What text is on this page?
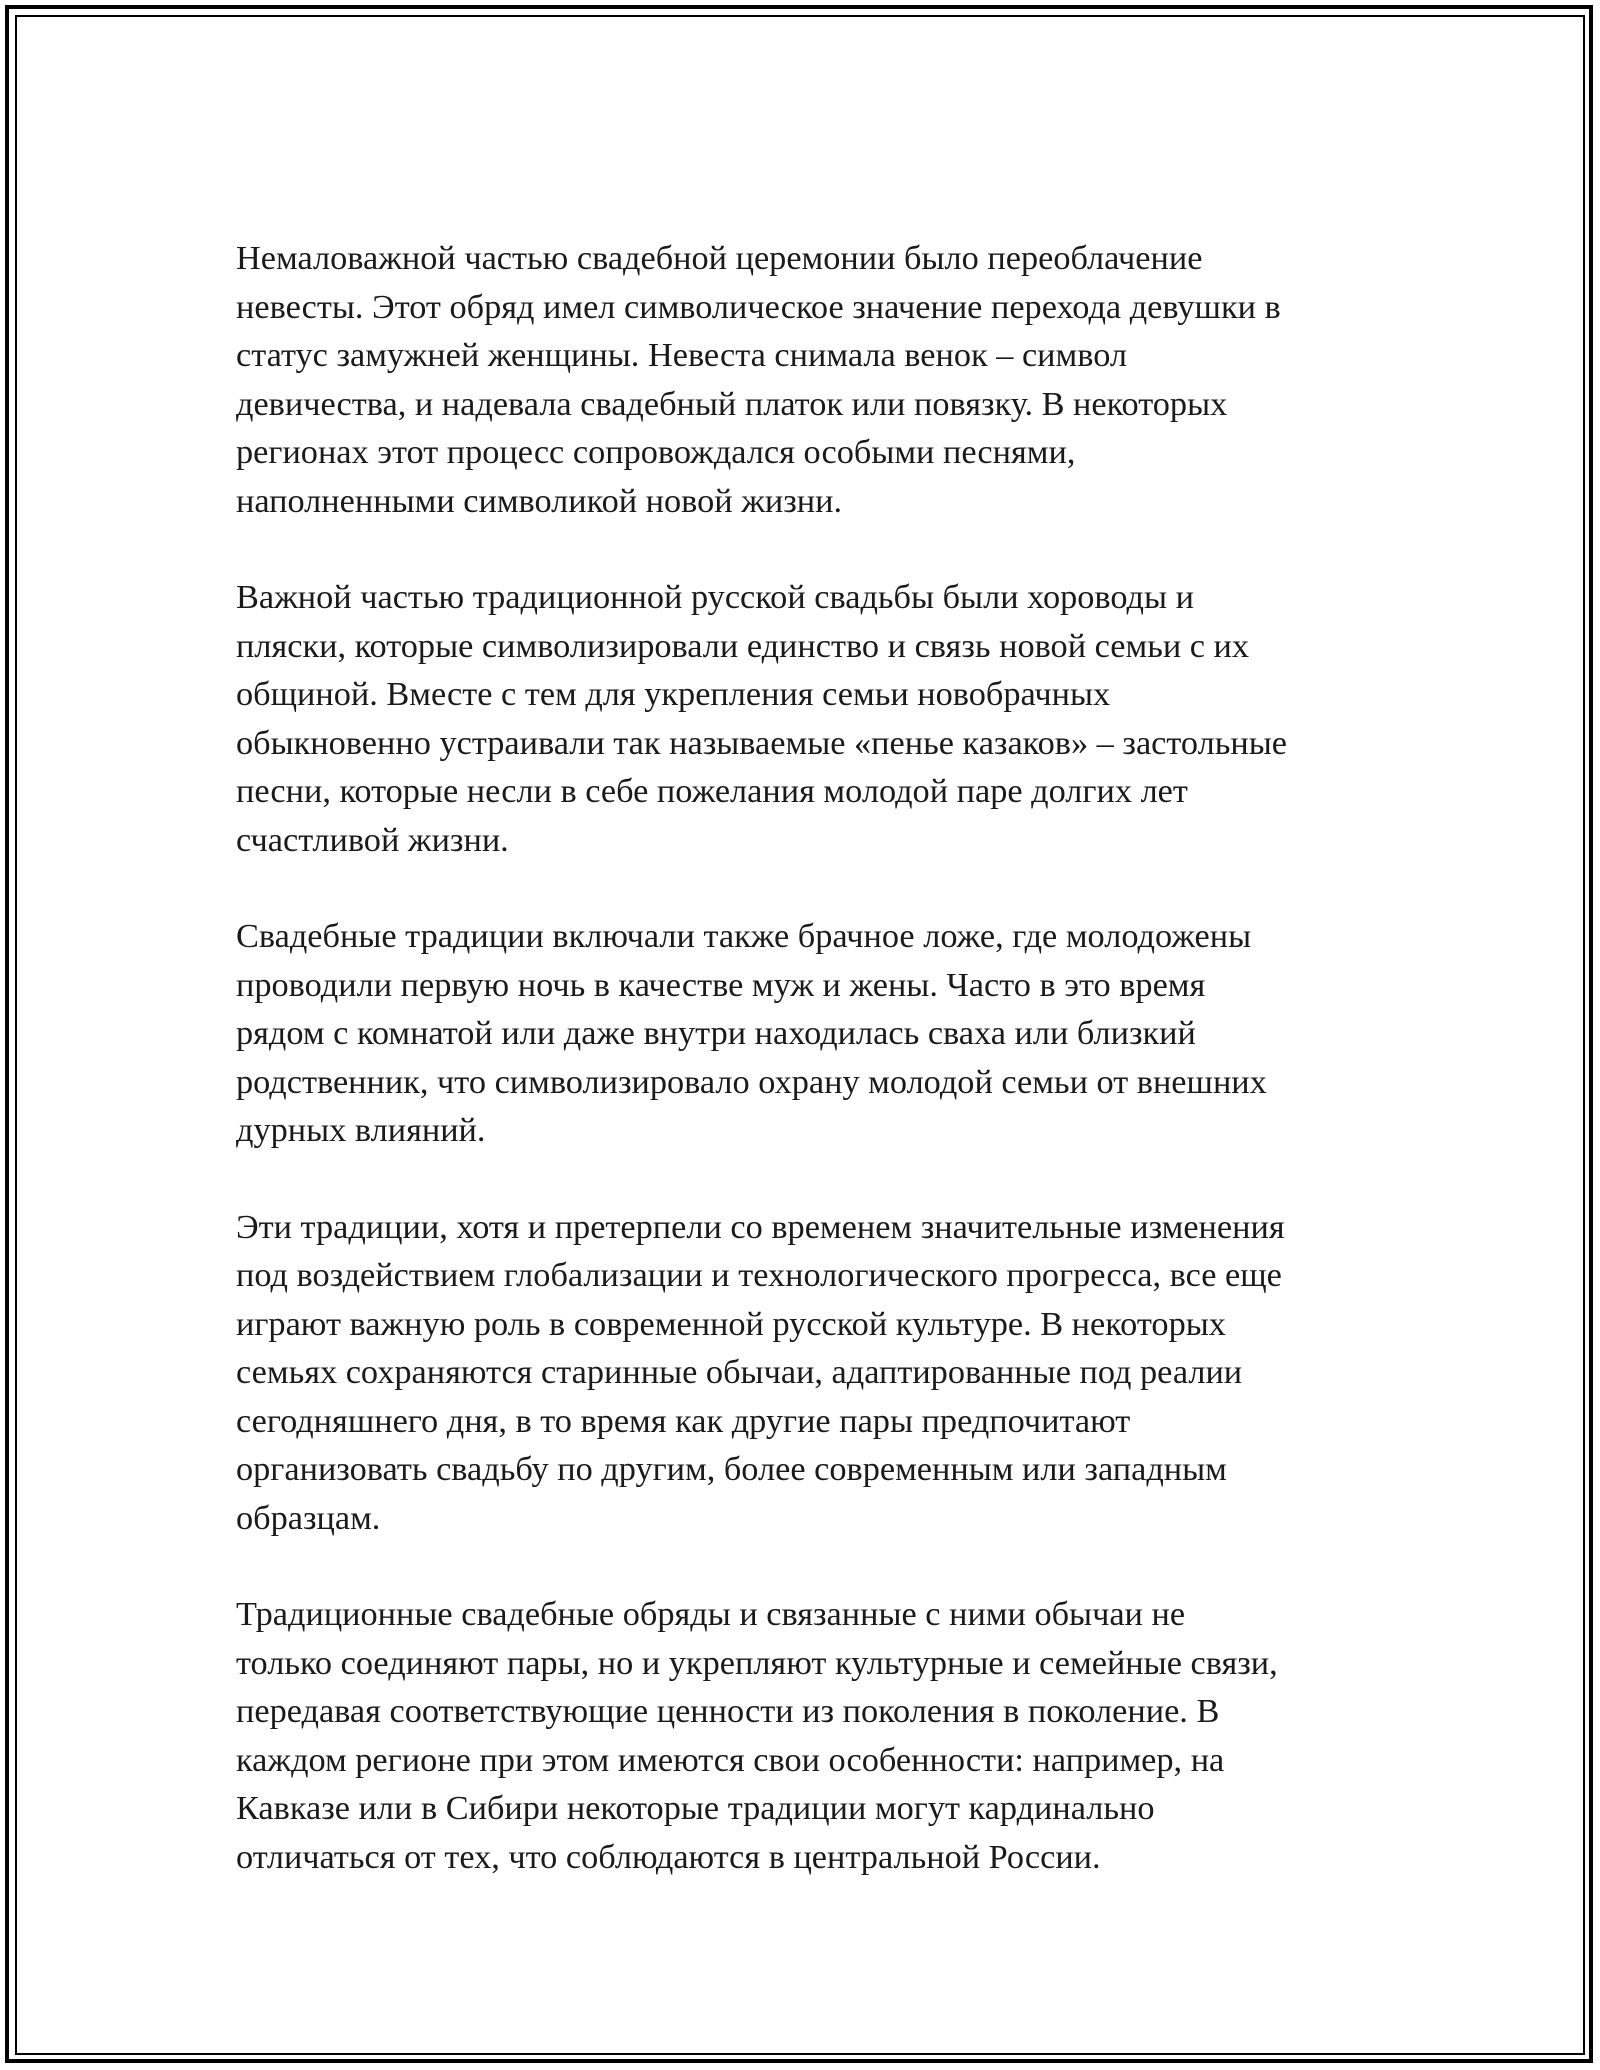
Немаловажной частью свадебной церемонии было переоблачение
невесты. Этот обряд имел символическое значение перехода девушки в
статус замужней женщины. Невеста снимала венок – символ
девичества, и надевала свадебный платок или повязку. В некоторых
регионах этот процесс сопровождался особыми песнями,
наполненными символикой новой жизни.

Важной частью традиционной русской свадьбы были хороводы и
пляски, которые символизировали единство и связь новой семьи с их
общиной. Вместе с тем для укрепления семьи новобрачных
обыкновенно устраивали так называемые «пенье казаков» – застольные
песни, которые несли в себе пожелания молодой паре долгих лет
счастливой жизни.

Свадебные традиции включали также брачное ложе, где молодожены
проводили первую ночь в качестве муж и жены. Часто в это время
рядом с комнатой или даже внутри находилась сваха или близкий
родственник, что символизировало охрану молодой семьи от внешних
дурных влияний.

Эти традиции, хотя и претерпели со временем значительные изменения
под воздействием глобализации и технологического прогресса, все еще
играют важную роль в современной русской культуре. В некоторых
семьях сохраняются старинные обычаи, адаптированные под реалии
сегодняшнего дня, в то время как другие пары предпочитают
организовать свадьбу по другим, более современным или западным
образцам.

Традиционные свадебные обряды и связанные с ними обычаи не
только соединяют пары, но и укрепляют культурные и семейные связи,
передавая соответствующие ценности из поколения в поколение. В
каждом регионе при этом имеются свои особенности: например, на
Кавказе или в Сибири некоторые традиции могут кардинально
отличаться от тех, что соблюдаются в центральной России.
